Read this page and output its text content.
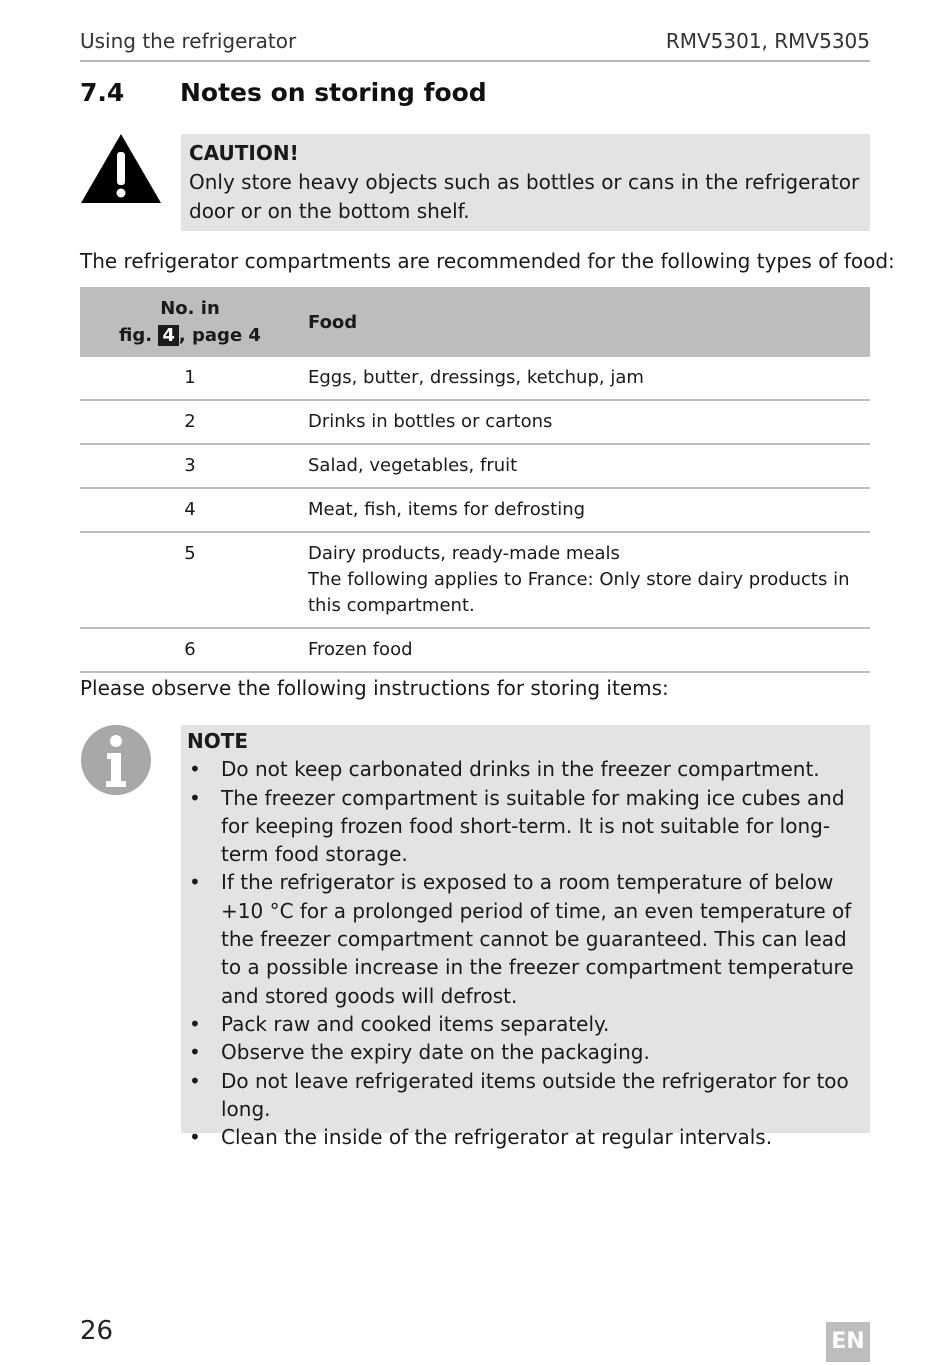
Using the refrigerator	RMV5301, RMV5305
7.4 Notes on storing food
CAUTION!
Only store heavy objects such as bottles or cans in the refrigerator door or on the bottom shelf.
The refrigerator compartments are recommended for the following types of food:
No. in
fig. 4 , page 4	Food
1	Eggs, butter, dressings, ketchup, jam
2	Drinks in bottles or cartons
3	Salad, vegetables, fruit
4	Meat, fish, items for defrosting
5	Dairy products, ready-made meals
The following applies to France: Only store dairy products in this compartment.
6	Frozen food
Please observe the following instructions for storing items:
NOTE
• Do not keep carbonated drinks in the freezer compartment.
• The freezer compartment is suitable for making ice cubes and for keeping frozen food short-term. It is not suitable for long-term food storage.
• If the refrigerator is exposed to a room temperature of below +10 °C for a prolonged period of time, an even temperature of the freezer compartment cannot be guaranteed. This can lead to a possible increase in the freezer compartment temperature and stored goods will defrost.
• Pack raw and cooked items separately.
• Observe the expiry date on the packaging.
• Do not leave refrigerated items outside the refrigerator for too long.
• Clean the inside of the refrigerator at regular intervals.
26	EN
